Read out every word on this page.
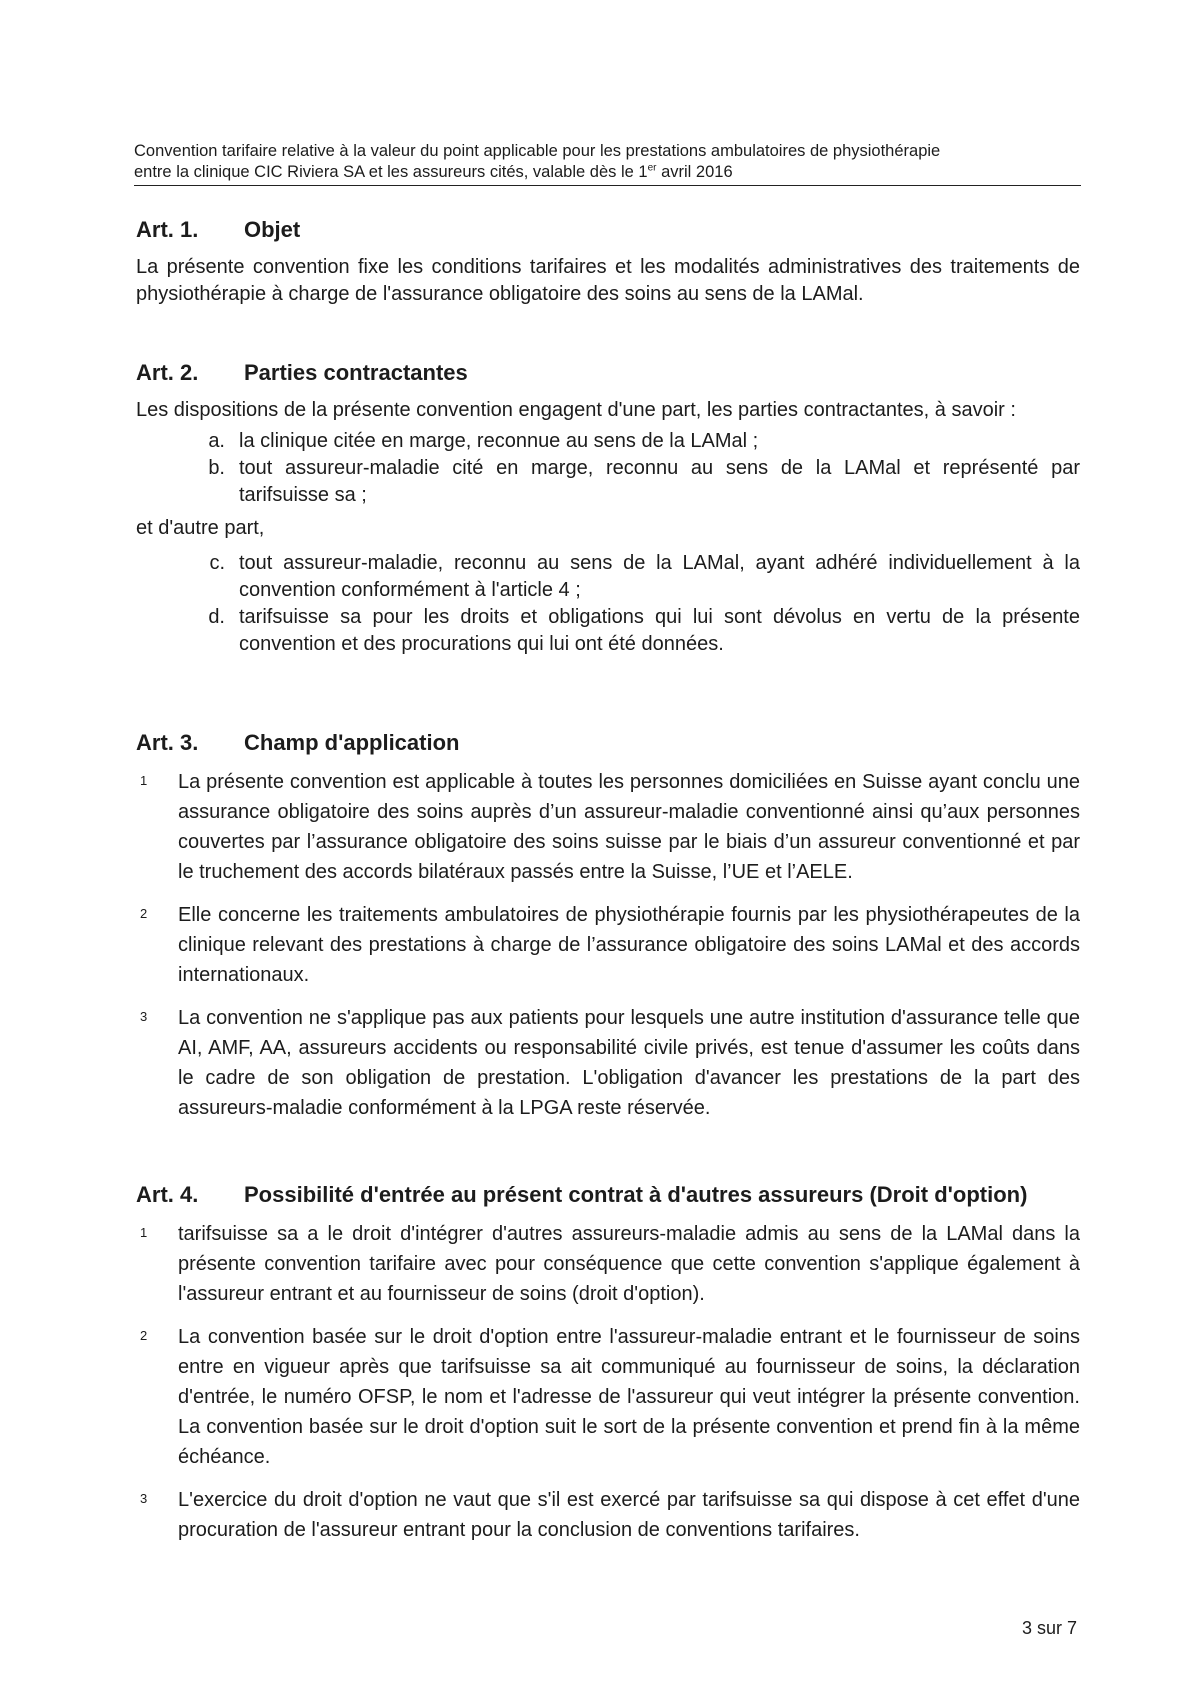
Convention tarifaire relative à la valeur du point applicable pour les prestations ambulatoires de physiothérapie
entre la clinique CIC Riviera SA et les assureurs cités, valable dès le 1er avril 2016
Art. 1.	Objet

La présente convention fixe les conditions tarifaires et les modalités administratives des traitements de physiothérapie à charge de l'assurance obligatoire des soins au sens de la LAMal.

Art. 2.	Parties contractantes

Les dispositions de la présente convention engagent d'une part, les parties contractantes, à savoir :

a. la clinique citée en marge, reconnue au sens de la LAMal ;
b. tout assureur-maladie cité en marge, reconnu au sens de la LAMal et représenté par tarifsuisse sa ;

et d'autre part,

c. tout assureur-maladie, reconnu au sens de la LAMal, ayant adhéré individuellement à la convention conformément à l'article 4 ;
d. tarifsuisse sa pour les droits et obligations qui lui sont dévolus en vertu de la présente convention et des procurations qui lui ont été données.
Art. 3.	Champ d'application
1	La présente convention est applicable à toutes les personnes domiciliées en Suisse ayant conclu une assurance obligatoire des soins auprès d’un assureur-maladie conventionné ainsi qu’aux personnes couvertes par l’assurance obligatoire des soins suisse par le biais d’un assureur conventionné et par le truchement des accords bilatéraux passés entre la Suisse, l’UE et l’AELE.
2	Elle concerne les traitements ambulatoires de physiothérapie fournis par les physiothérapeutes de la clinique relevant des prestations à charge de l’assurance obligatoire des soins LAMal et des accords internationaux.
3	La convention ne s'applique pas aux patients pour lesquels une autre institution d'assurance telle que AI, AMF, AA, assureurs accidents ou responsabilité civile privés, est tenue d'assumer les coûts dans le cadre de son obligation de prestation. L'obligation d'avancer les prestations de la part des assureurs-maladie conformément à la LPGA reste réservée.
Art. 4.	Possibilité d'entrée au présent contrat à d'autres assureurs (Droit d'option)
1	tarifsuisse sa a le droit d'intégrer d'autres assureurs-maladie admis au sens de la LAMal dans la présente convention tarifaire avec pour conséquence que cette convention s'applique également à l'assureur entrant et au fournisseur de soins (droit d'option).
2	La convention basée sur le droit d'option entre l'assureur-maladie entrant et le fournisseur de soins entre en vigueur après que tarifsuisse sa ait communiqué au fournisseur de soins, la déclaration d'entrée, le numéro OFSP, le nom et l'adresse de l'assureur qui veut intégrer la présente convention. La convention basée sur le droit d'option suit le sort de la présente convention et prend fin à la même échéance.
3	L'exercice du droit d'option ne vaut que s'il est exercé par tarifsuisse sa qui dispose à cet effet d'une procuration de l'assureur entrant pour la conclusion de conventions tarifaires.
3 sur 7
